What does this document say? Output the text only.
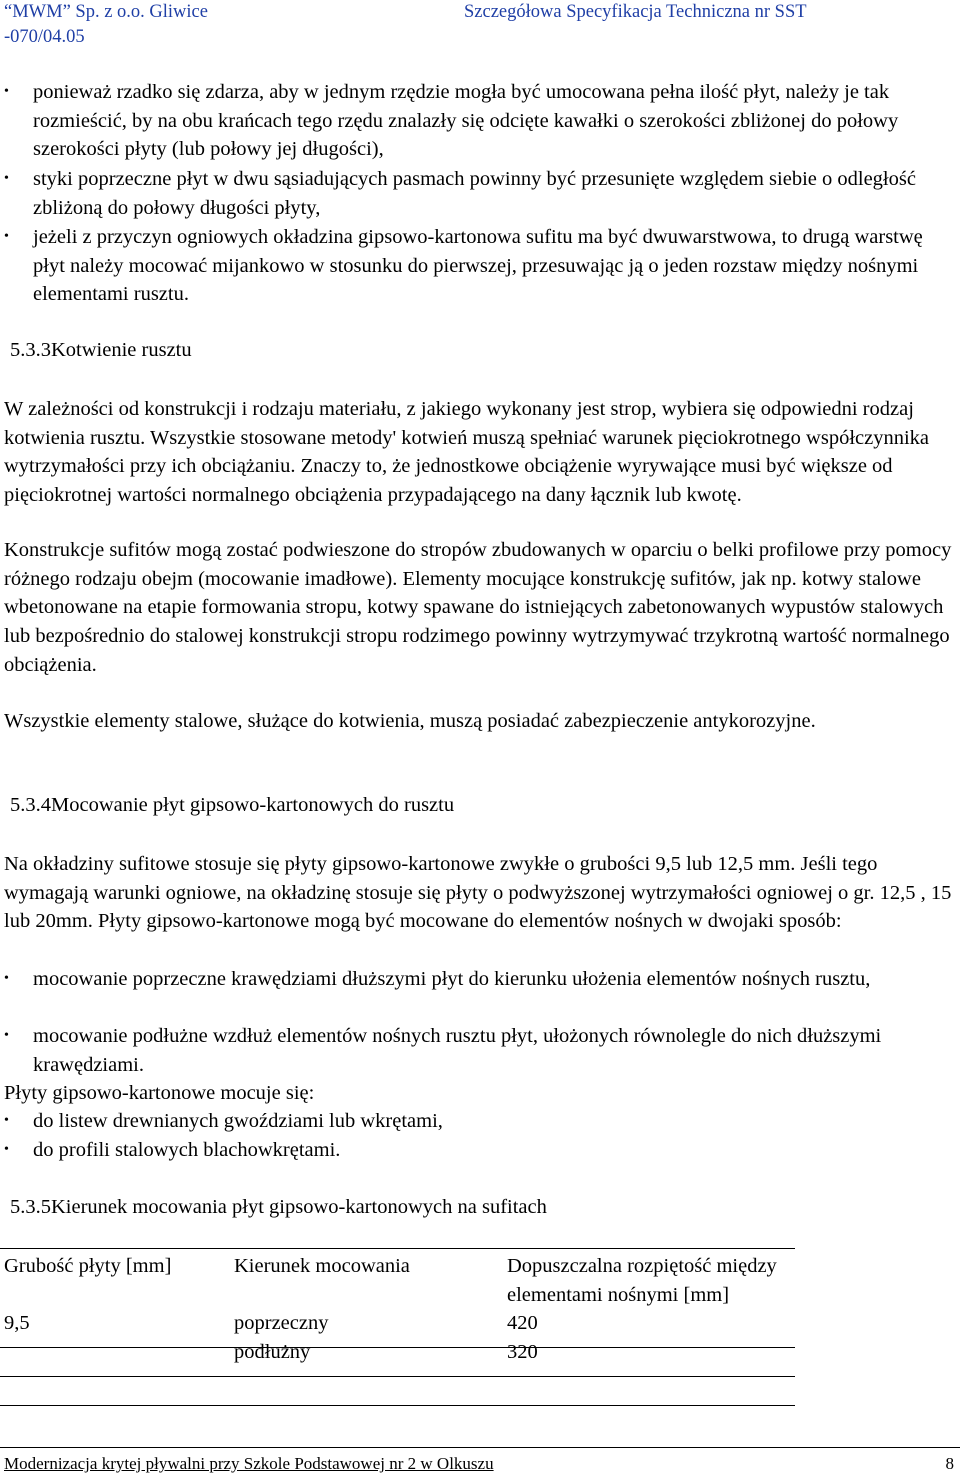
“MWM” Sp. z o.o. Gliwice	Szczegółowa Specyfikacja Techniczna nr SST
-070/04.05
• ponieważ rzadko się zdarza, aby w jednym rzędzie mogła być umocowana pełna ilość płyt, należy je tak rozmieścić, by na obu krańcach tego rzędu znalazły się odcięte kawałki o szerokości zbliżonej do połowy szerokości płyty (lub połowy jej długości),
• styki poprzeczne płyt w dwu sąsiadujących pasmach powinny być przesunięte względem siebie o odległość zbliżoną do połowy długości płyty,
• jeżeli z przyczyn ogniowych okładzina gipsowo-kartonowa sufitu ma być dwuwarstwowa, to drugą warstwę płyt należy mocować mijankowo w stosunku do pierwszej, przesuwając ją o jeden rozstaw między nośnymi elementami rusztu.
5.3.3Kotwienie rusztu
W zależności od konstrukcji i rodzaju materiału, z jakiego wykonany jest strop, wybiera się odpowiedni rodzaj kotwienia rusztu. Wszystkie stosowane metody' kotwień muszą spełniać warunek pięciokrotnego współczynnika wytrzymałości przy ich obciążaniu. Znaczy to, że jednostkowe obciążenie wyrywające musi być większe od pięciokrotnej wartości normalnego obciążenia przypadającego na dany łącznik lub kwotę.
Konstrukcje sufitów mogą zostać podwieszone do stropów zbudowanych w oparciu o belki profilowe przy pomocy różnego rodzaju obejm (mocowanie imadłowe). Elementy mocujące konstrukcję sufitów, jak np. kotwy stalowe wbetonowane na etapie formowania stropu, kotwy spawane do istniejących zabetonowanych wypustów stalowych lub bezpośrednio do stalowej konstrukcji stropu rodzimego powinny wytrzymywać trzykrotną wartość normalnego obciążenia.
Wszystkie elementy stalowe, służące do kotwienia, muszą posiadać zabezpieczenie antykorozyjne.
5.3.4Mocowanie płyt gipsowo-kartonowych do rusztu
Na okładziny sufitowe stosuje się płyty gipsowo-kartonowe zwykłe o grubości 9,5 lub 12,5 mm. Jeśli tego wymagają warunki ogniowe, na okładzinę stosuje się płyty o podwyższonej wytrzymałości ogniowej o gr. 12,5 , 15 lub 20mm. Płyty gipsowo-kartonowe mogą być mocowane do elementów nośnych w dwojaki sposób:
• mocowanie poprzeczne krawędziami dłuższymi płyt do kierunku ułożenia elementów nośnych rusztu,
• mocowanie podłużne wzdłuż elementów nośnych rusztu płyt, ułożonych równolegle do nich dłuższymi krawędziami.
Płyty gipsowo-kartonowe mocuje się:
• do listew drewnianych gwoździami lub wkrętami,
• do profili stalowych blachowkrętami.
5.3.5Kierunek mocowania płyt gipsowo-kartonowych na sufitach
Grubość płyty [mm]	Kierunek mocowania	Dopuszczalna rozpiętość między elementami nośnymi [mm]
9,5	poprzeczny	420
	podłużny	320
Modernizacja krytej pływalni przy Szkole Podstawowej nr 2 w Olkuszu	8
